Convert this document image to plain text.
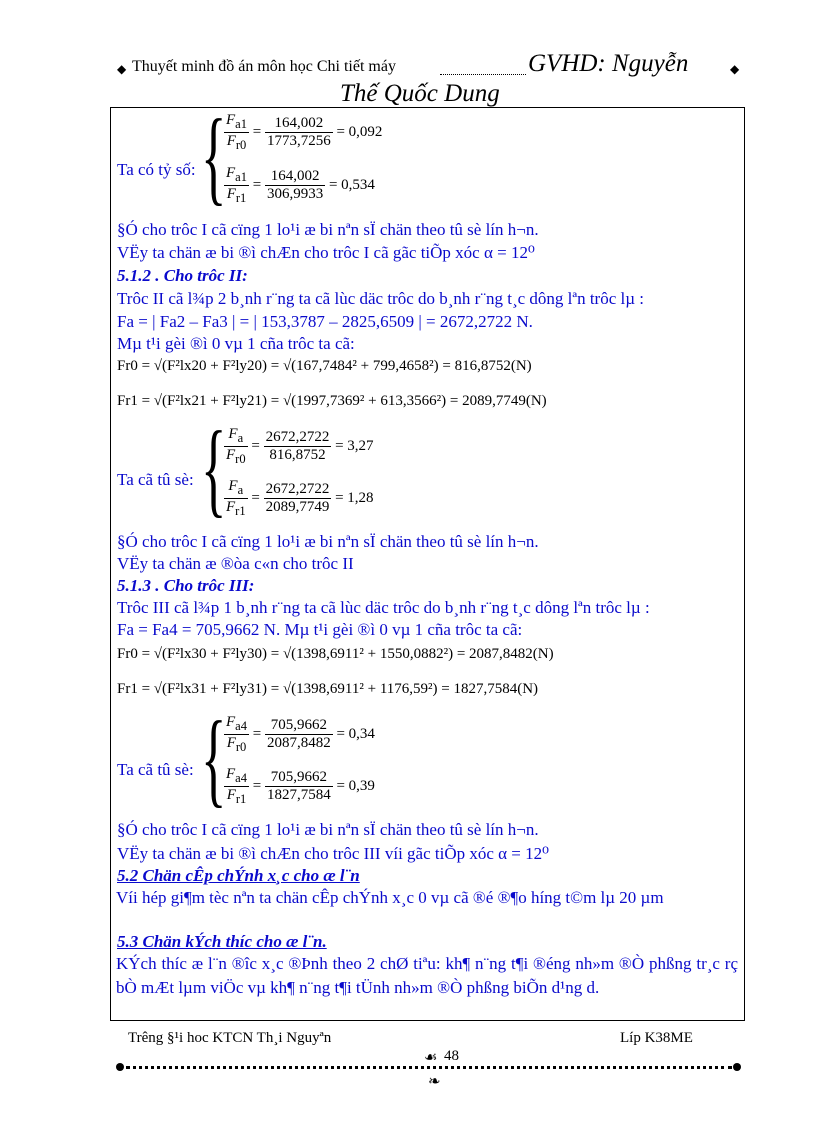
◆ Thuyết minh đồ án môn học Chi tiết máy	GVHD: Nguyễn	◆
Thế Quốc Dung
Ta có tỷ số: {
$\frac{F_{a1}}{F_{r0}} = \frac{164,002}{1773,7256} = 0,092$
$\frac{F_{a1}}{F_{r1}} = \frac{164,002}{306,9933} = 0,534$
§Ó cho trôc I cã cïng 1 lo¹i æ bi nªn sÏ chän theo tû sè lín h¬n.
VËy ta chän æ bi ®ì chÆn cho trôc I cã gãc tiÕp xóc α = 12⁰
5.1.2 . Cho trôc II:
Trôc II cã l¾p 2 b¸nh r¨ng ta cã lùc däc trôc do b¸nh r¨ng t¸c dông lªn trôc lµ :
Fa = | Fa2 – Fa3 | = | 153,3787 – 2825,6509 | = 2672,2722 N.
Mµ t¹i gèi ®ì 0 vµ 1 cña trôc ta cã:
Fr0 = √(F²lx20 + F²ly20) = √(167,7484² + 799,4658²) = 816,8752(N)
Fr1 = √(F²lx21 + F²ly21) = √(1997,7369² + 613,3566²) = 2089,7749(N)
Ta cã tû sè: {
$\frac{F_a}{F_{r0}} = \frac{2672,2722}{816,8752} = 3,27$
$\frac{F_a}{F_{r1}} = \frac{2672,2722}{2089,7749} = 1,28$
§Ó cho trôc I cã cïng 1 lo¹i æ bi nªn sÏ chän theo tû sè lín h¬n.
VËy ta chän æ ®òa c«n cho trôc II
5.1.3 . Cho trôc III:
Trôc III cã l¾p 1 b¸nh r¨ng ta cã lùc däc trôc do b¸nh r¨ng t¸c dông lªn trôc lµ :
Fa = Fa4 = 705,9662 N. Mµ t¹i gèi ®ì 0 vµ 1 cña trôc ta cã:
Fr0 = √(F²lx30 + F²ly30) = √(1398,6911² + 1550,0882²) = 2087,8482(N)
Fr1 = √(F²lx31 + F²ly31) = √(1398,6911² + 1176,59²) = 1827,7584(N)
Ta cã tû sè: {
$\frac{F_{a4}}{F_{r0}} = \frac{705,9662}{2087,8482} = 0,34$
$\frac{F_{a4}}{F_{r1}} = \frac{705,9662}{1827,7584} = 0,39$
§Ó cho trôc I cã cïng 1 lo¹i æ bi nªn sÏ chän theo tû sè lín h¬n.
VËy ta chän æ bi ®ì chÆn cho trôc III víi gãc tiÕp xóc α = 12⁰
5.2 Chän cÊp chÝnh x¸c cho æ l¨n
Víi hép gi¶m tèc nªn ta chän cÊp chÝnh x¸c 0 vµ cã ®é ®¶o híng t©m lµ 20 µm
5.3 Chän kÝch thíc cho æ l¨n.
KÝch thíc æ l¨n ®îc x¸c ®Þnh theo 2 chØ tiªu: kh¶ n¨ng t¶i ®éng nh»m ®Ò phßng tr¸c rç bÒ mÆt lµm viÖc vµ kh¶ n¨ng t¶i tÜnh nh»m ®Ò phßng biÕn d¹ng d.
Trêng §¹i hoc KTCN Th¸i Nguyªn	Líp K38ME
☙ 48
❧
